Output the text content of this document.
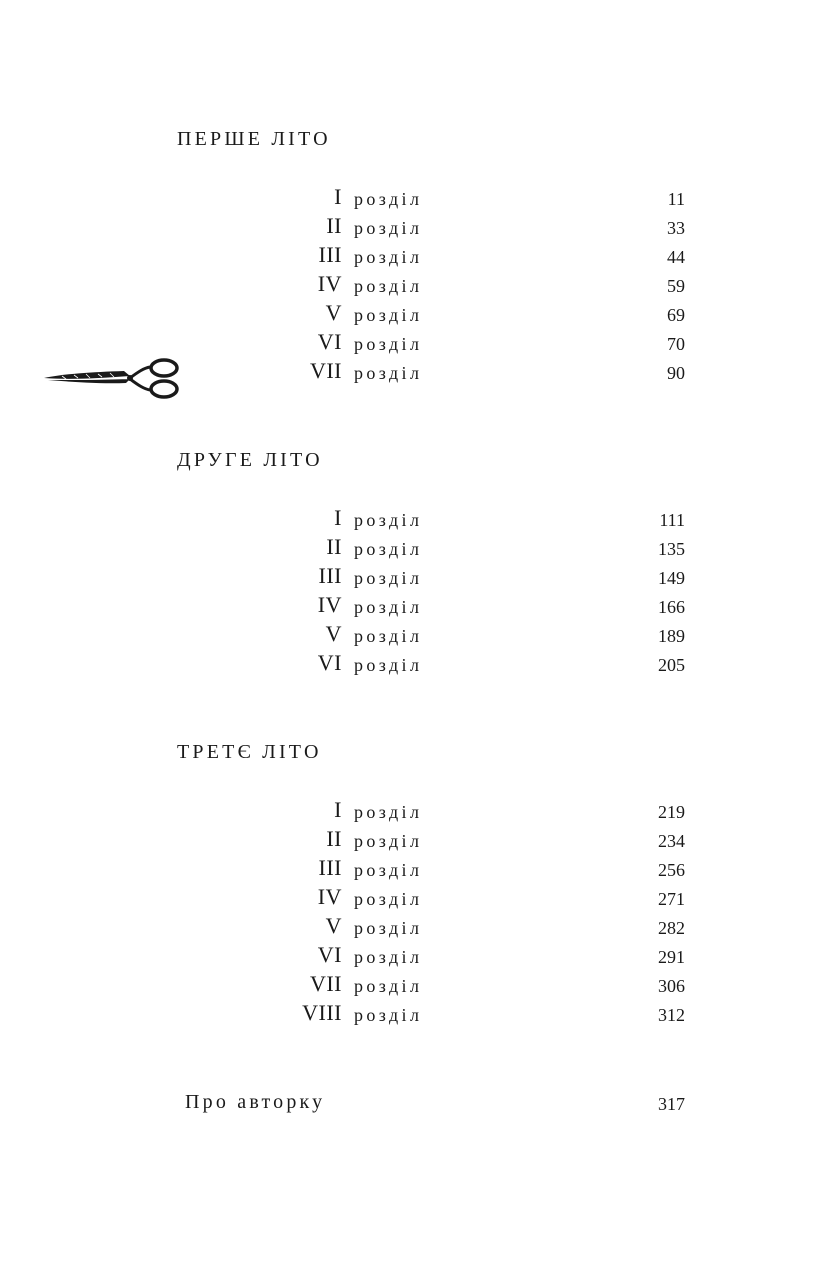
ПЕРШЕ ЛІТО
I розділ	11
II розділ	33
III розділ	44
IV розділ	59
V розділ	69
VI розділ	70
VII розділ	90
ДРУГЕ ЛІТО
I розділ	111
II розділ	135
III розділ	149
IV розділ	166
V розділ	189
VI розділ	205
ТРЕТЄ ЛІТО
I розділ	219
II розділ	234
III розділ	256
IV розділ	271
V розділ	282
VI розділ	291
VII розділ	306
VIII розділ	312
Про авторку	317
